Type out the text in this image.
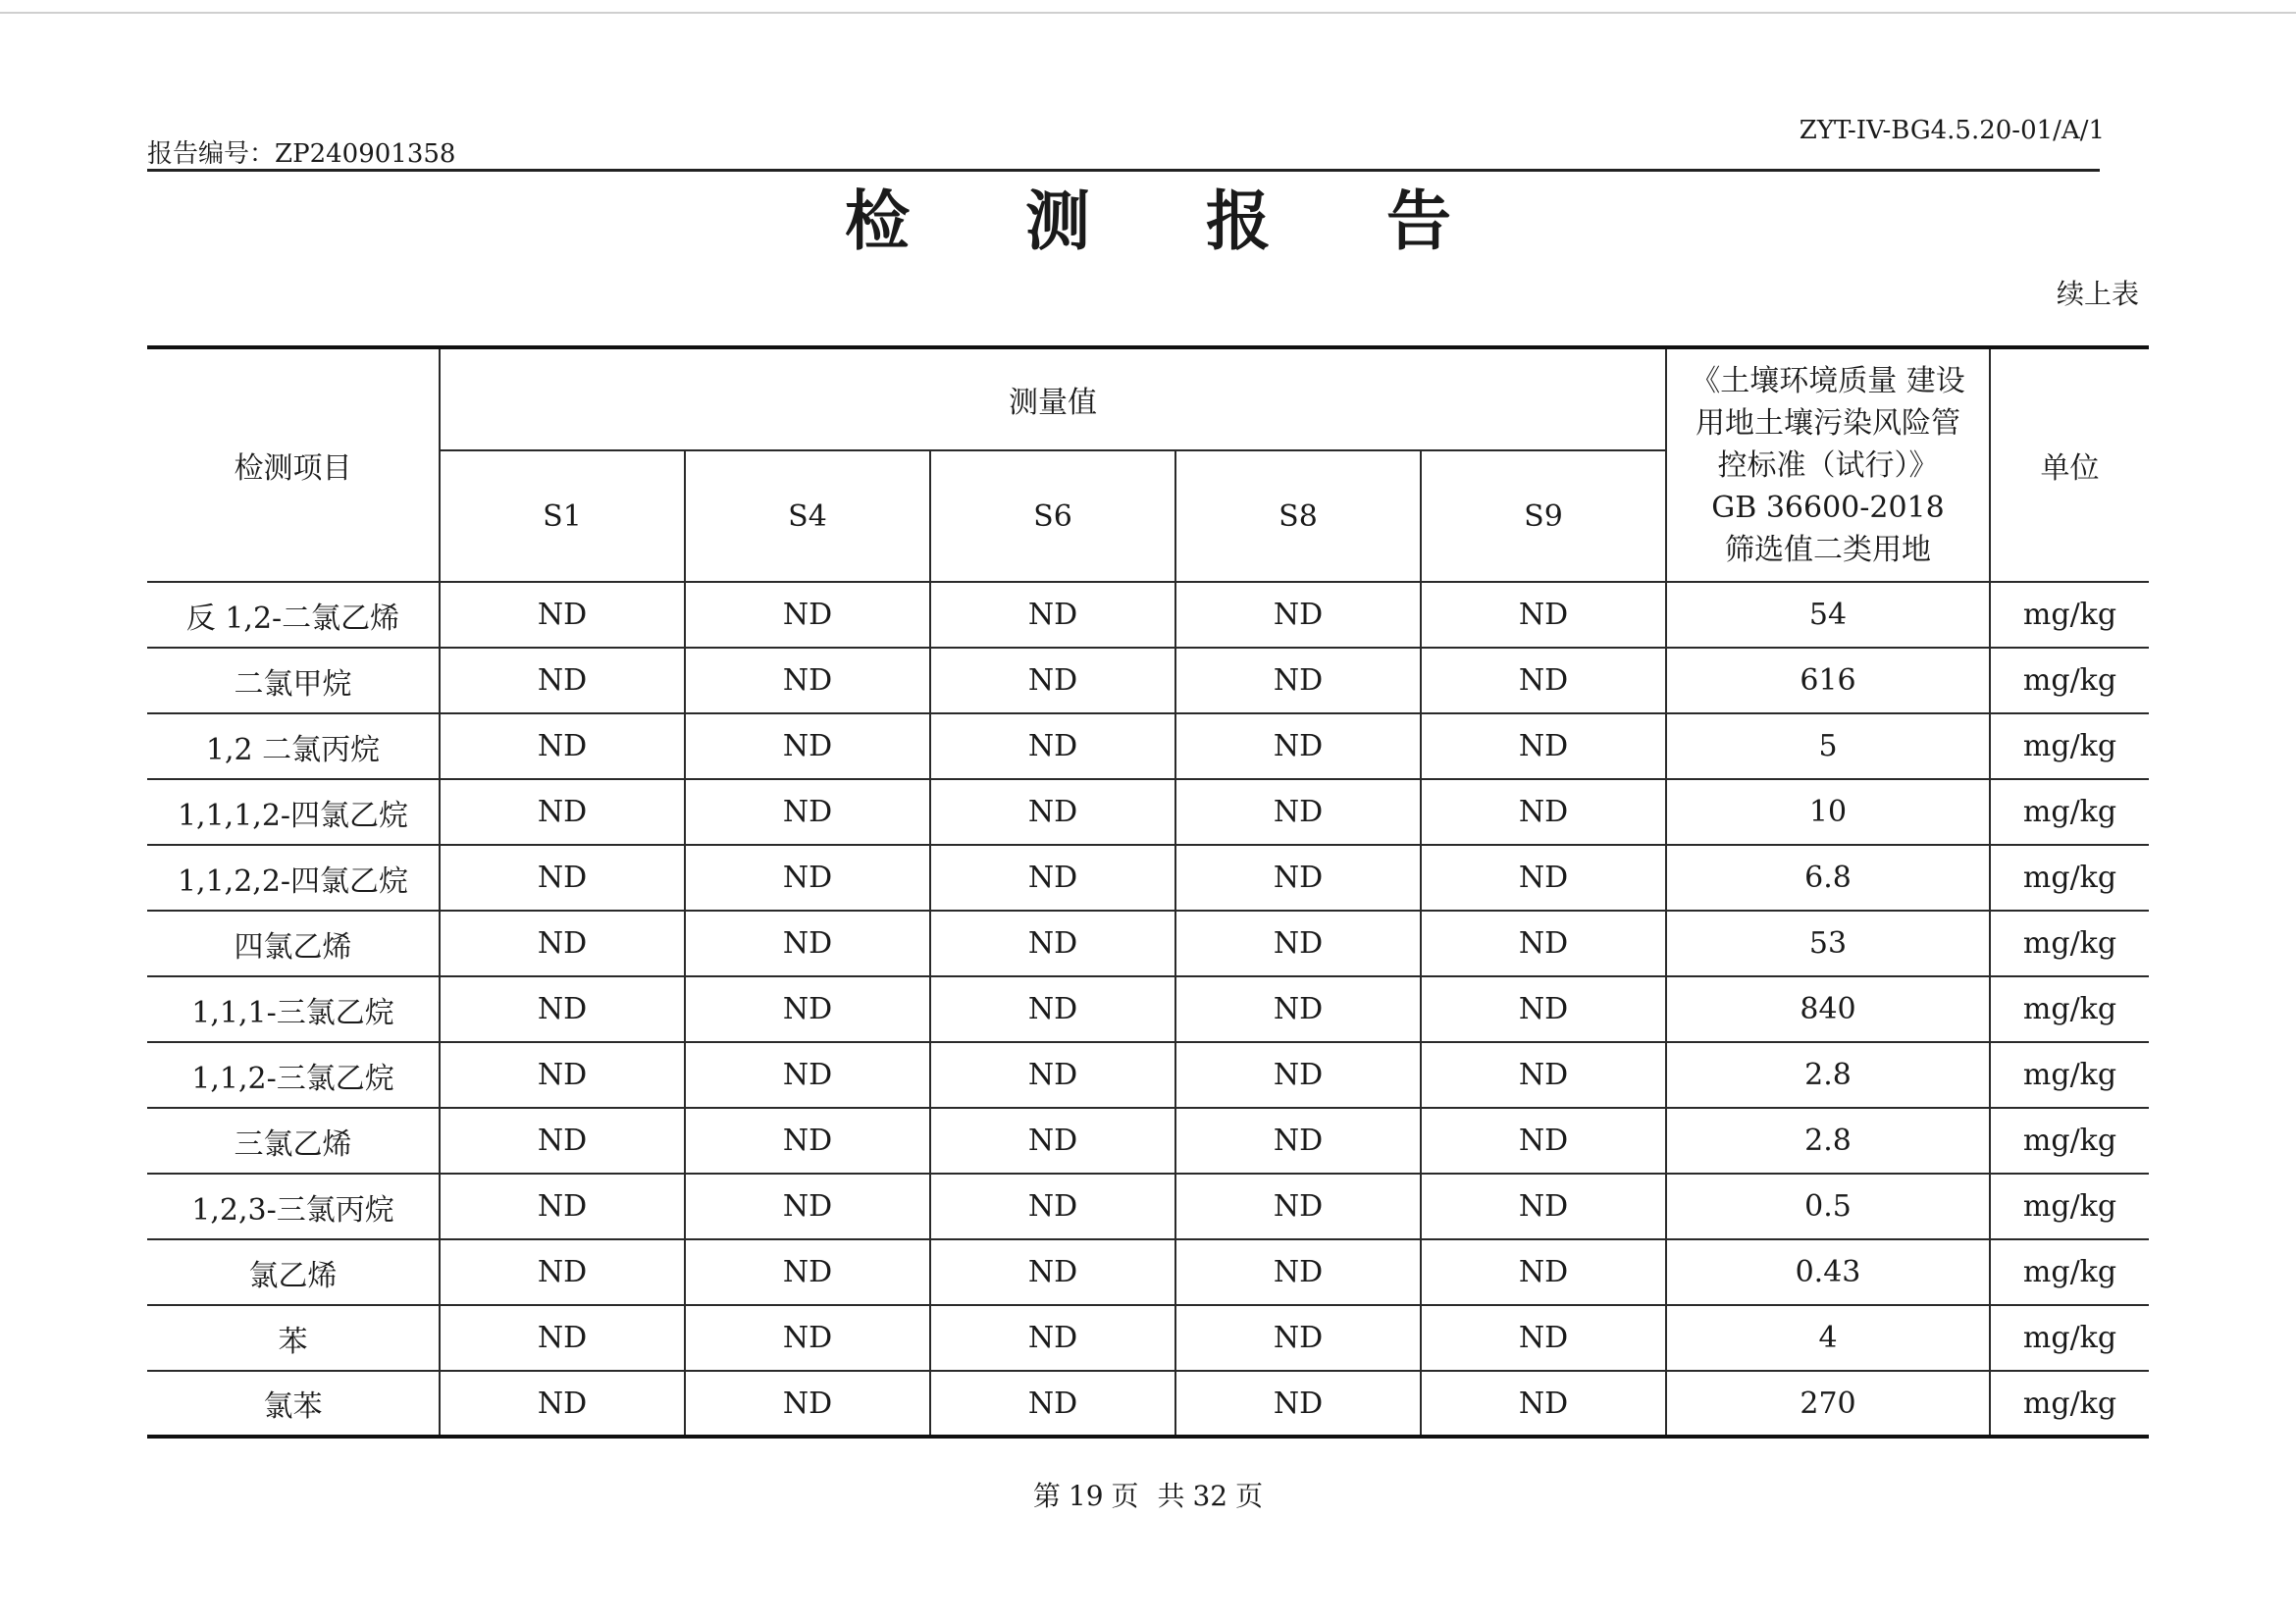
报告编号：ZP240901358
ZYT-IV-BG4.5.20-01/A/1
检测报告
续上表
检测项目	测量值					《土壤环境质量 建设
用地土壤污染风险管
控标准（试行）》
GB 36600-2018
筛选值二类用地	单位
	S1	S4	S6	S8	S9		
反 1,2-二氯乙烯	ND	ND	ND	ND	ND	54	mg/kg
二氯甲烷	ND	ND	ND	ND	ND	616	mg/kg
1,2 二氯丙烷	ND	ND	ND	ND	ND	5	mg/kg
1,1,1,2-四氯乙烷	ND	ND	ND	ND	ND	10	mg/kg
1,1,2,2-四氯乙烷	ND	ND	ND	ND	ND	6.8	mg/kg
四氯乙烯	ND	ND	ND	ND	ND	53	mg/kg
1,1,1-三氯乙烷	ND	ND	ND	ND	ND	840	mg/kg
1,1,2-三氯乙烷	ND	ND	ND	ND	ND	2.8	mg/kg
三氯乙烯	ND	ND	ND	ND	ND	2.8	mg/kg
1,2,3-三氯丙烷	ND	ND	ND	ND	ND	0.5	mg/kg
氯乙烯	ND	ND	ND	ND	ND	0.43	mg/kg
苯	ND	ND	ND	ND	ND	4	mg/kg
氯苯	ND	ND	ND	ND	ND	270	mg/kg
第 19 页 共 32 页
